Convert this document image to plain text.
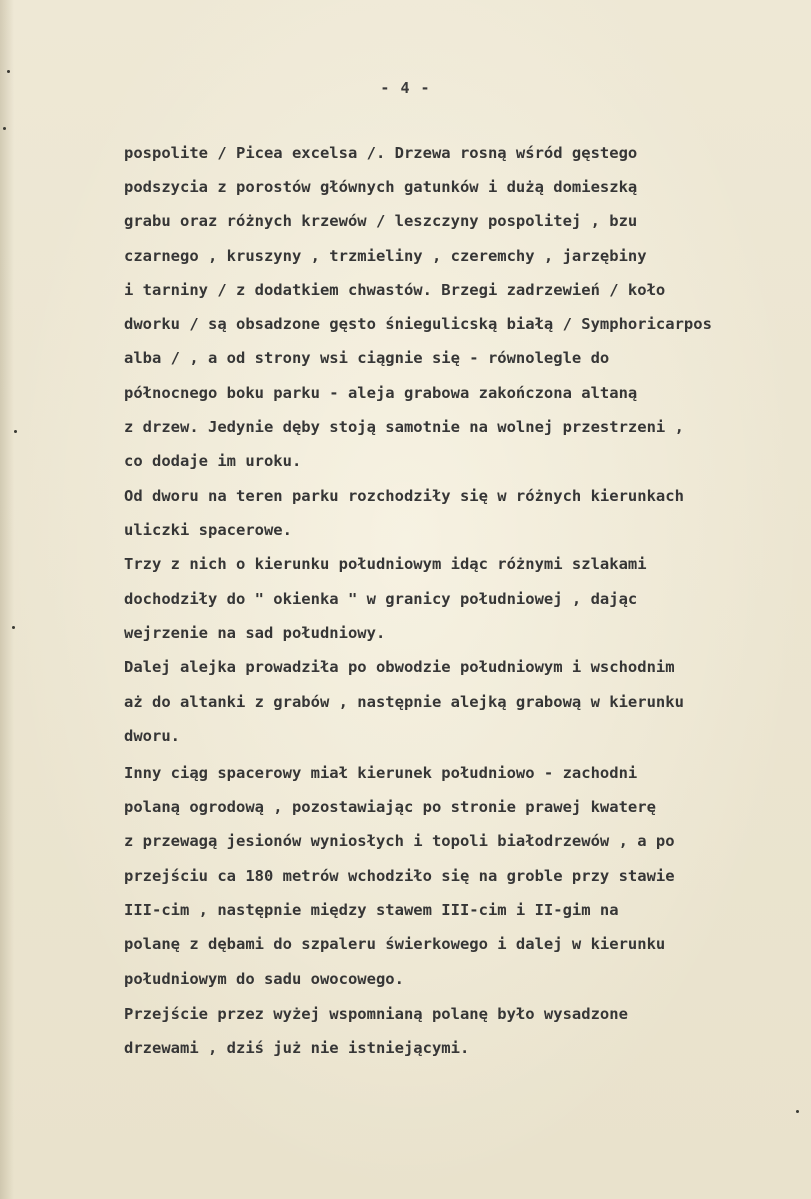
- 4 -
pospolite / Picea excelsa /. Drzewa rosną wśród gęstego
podszycia z porostów głównych gatunków i dużą domieszką
grabu oraz różnych krzewów / leszczyny pospolitej , bzu
czarnego , kruszyny , trzmieliny , czeremchy , jarzębiny
i tarniny / z dodatkiem chwastów. Brzegi zadrzewień / koło
dworku / są obsadzone gęsto śniegulicską białą / Symphoricarpos
alba / , a od strony wsi ciągnie się - równolegle do
północnego boku parku - aleja grabowa zakończona altaną
z drzew. Jedynie dęby stoją samotnie na wolnej przestrzeni ,
co dodaje im uroku.
Od dworu na teren parku rozchodziły się w różnych kierunkach
uliczki spacerowe.
Trzy z nich o kierunku południowym idąc różnymi szlakami
dochodziły do " okienka " w granicy południowej , dając
wejrzenie na sad południowy.
Dalej alejka prowadziła po obwodzie południowym i wschodnim
aż do altanki z grabów , następnie alejką grabową w kierunku
dworu.
Inny ciąg spacerowy miał kierunek południowo - zachodni
polaną ogrodową , pozostawiając po stronie prawej kwaterę
z przewagą jesionów wyniosłych i topoli białodrzewów , a po
przejściu ca 180 metrów wchodziło się na groble przy stawie
III-cim , następnie między stawem III-cim i II-gim na
polanę z dębami do szpaleru świerkowego i dalej w kierunku
południowym do sadu owocowego.
Przejście przez wyżej wspomnianą polanę było wysadzone
drzewami , dziś już nie istniejącymi.
